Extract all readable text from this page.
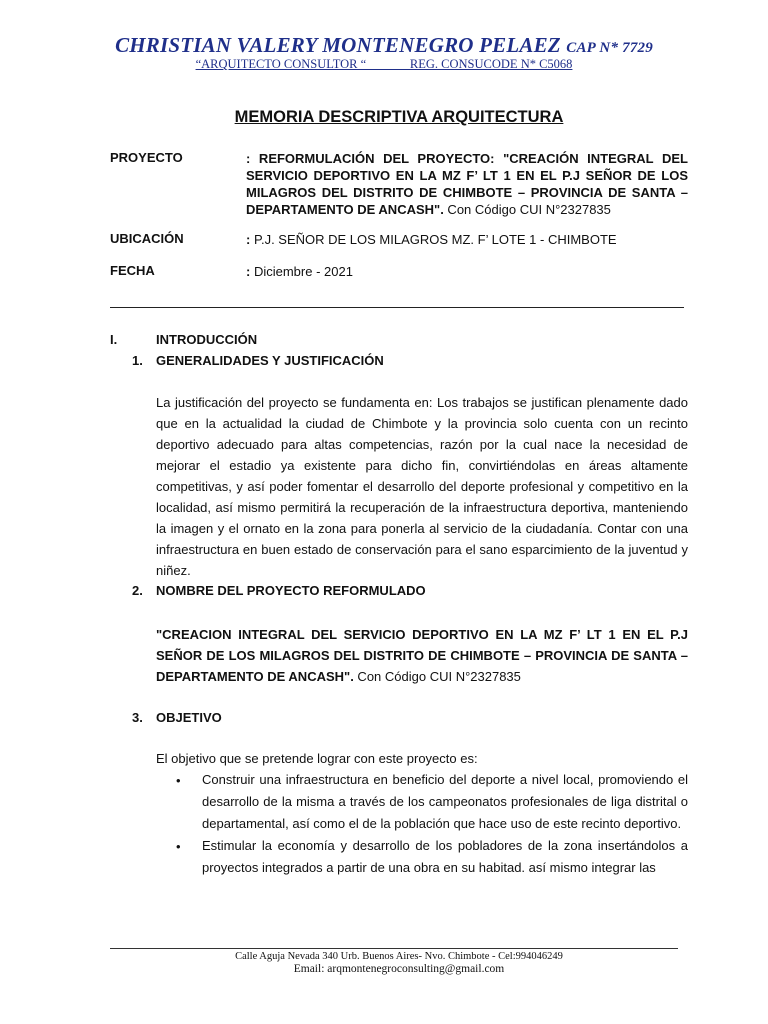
CHRISTIAN VALERY MONTENEGRO PELAEZ CAP N* 7729
“ARQUITECTO CONSULTOR “              REG. CONSUCODE N* C5068
MEMORIA DESCRIPTIVA ARQUITECTURA
PROYECTO	: REFORMULACIÓN DEL PROYECTO: "CREACIÓN INTEGRAL DEL SERVICIO DEPORTIVO EN LA MZ F’ LT 1 EN EL P.J SEÑOR DE LOS MILAGROS DEL DISTRITO DE CHIMBOTE – PROVINCIA DE SANTA – DEPARTAMENTO DE ANCASH". Con Código CUI N°2327835
UBICACIÓN	: P.J. SEÑOR DE LOS MILAGROS MZ. F’ LOTE 1 - CHIMBOTE
FECHA	: Diciembre - 2021
I.	INTRODUCCIÓN
1. GENERALIDADES Y JUSTIFICACIÓN
La justificación del proyecto se fundamenta en: Los trabajos se justifican plenamente dado que en la actualidad la ciudad de Chimbote y la provincia solo cuenta con un recinto deportivo adecuado para altas competencias, razón por la cual nace la necesidad de mejorar el estadio ya existente para dicho fin, convirtiéndolas en áreas altamente competitivas, y así poder fomentar el desarrollo del deporte profesional y competitivo en la localidad, así mismo permitirá la recuperación de la infraestructura deportiva, manteniendo la imagen y el ornato en la zona para ponerla al servicio de la ciudadanía. Contar con una infraestructura en buen estado de conservación para el sano esparcimiento de la juventud y niñez.
2. NOMBRE DEL PROYECTO REFORMULADO
"CREACION INTEGRAL DEL SERVICIO DEPORTIVO EN LA MZ F’ LT 1 EN EL P.J SEÑOR DE LOS MILAGROS DEL DISTRITO DE CHIMBOTE – PROVINCIA DE SANTA – DEPARTAMENTO DE ANCASH". Con Código CUI N°2327835
3. OBJETIVO
El objetivo que se pretende lograr con este proyecto es:
•	Construir una infraestructura en beneficio del deporte a nivel local, promoviendo el desarrollo de la misma a través de los campeonatos profesionales de liga distrital o departamental, así como el de la población que hace uso de este recinto deportivo.
•	Estimular la economía y desarrollo de los pobladores de la zona insertándolos a proyectos integrados a partir de una obra en su habitad. así mismo integrar las
Calle Aguja Nevada 340 Urb. Buenos Aires- Nvo. Chimbote - Cel:994046249
Email: arqmontenegroconsulting@gmail.com
